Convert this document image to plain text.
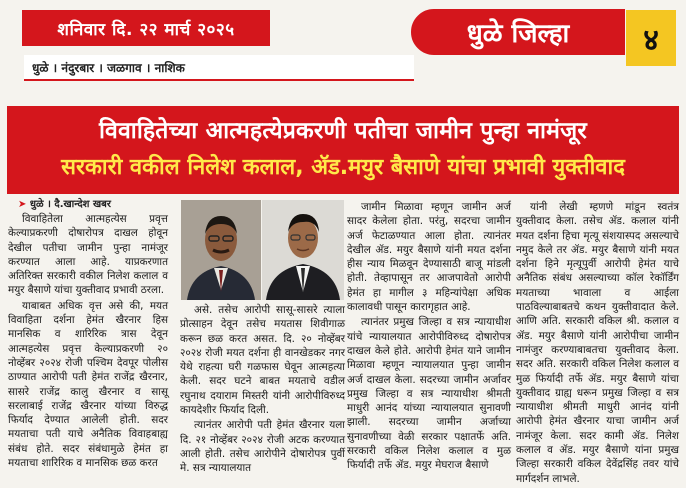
शनिवार दि. २२ मार्च २०२५
धुळे । नंदुरबार । जळगाव । नाशिक
धुळे जिल्हा	४
विवाहितेच्या आत्महत्येप्रकरणी पतीचा जामीन पुन्हा नामंजूर
सरकारी वकील निलेश कलाल, ॲड.मयुर बैसाणे यांचा प्रभावी युक्तीवाद
➤ धुळे । दै.खान्देश खबर

विवाहितेला आत्महत्येस प्रवृत्त केल्याप्रकरणी दोषारोपत्र दाखल होवून देखील पतीचा जामीन पुन्हा नामंजूर करण्यात आला आहे. याप्रकरणात अतिरिक्त सरकारी वकील निलेश कलाल व मयुर बैसाणे यांचा युक्तीवाद प्रभावी ठरला.

याबाबत अधिक वृत्त असे की, मयत विवाहिता दर्शना हेमंत खैरनार हिस मानसिक व शारिरिक त्रास देवून आत्महत्येस प्रवृत्त केल्याप्रकरणी २० नोव्हेंबर २०२४ रोजी पश्चिम देवपूर पोलीस ठाण्यात आरोपी पती हेमंत राजेंद्र खैरनार, सासरे राजेंद्र कालु खैरनार व सासू सरलाबाई राजेंद्र खैरनार यांच्या विरुद्ध फिर्याद देण्यात आलेली होती. सदर मयताचा पती याचे अनैतिक विवाहबाह्य संबंध होते. सदर संबंधामुळे हेमंत हा मयताचा शारिरिक व मानसिक छळ करत

असे. तसेच आरोपी सासू-सासरे त्याला प्रोत्साहन देवून तसेच मयतास शिवीगाळ करून छळ करत असत. दि. २० नोव्हेंबर २०२४ रोजी मयत दर्शना ही वानखेडकर नगर येथे राहत्या घरी गळफास घेवून आत्महत्या केली. सदर घटने बाबत मयताचे वडील रघुनाथ दयाराम मिस्तरी यांनी आरोपीविरुध्द कायदेशीर फिर्याद दिली.

त्यानंतर आरोपी पती हेमंत खैरनार यला दि. २१ नोव्हेंबर २०२४ रोजी अटक करण्यात आली होती. तसेच आरोपीने दोषारोपत्र पुर्वी मे. सत्र न्यायालयात

जामीन मिळावा म्हणून जामीन अर्ज सादर केलेला होता. परंतु, सदरचा जामीन अर्ज फेटाळण्यात आला होता. त्यानंतर देखील ॲड. मयुर बैसाणे यांनी मयत दर्शना हीस न्याय मिळवून देण्यासाठी बाजू मांडली होती. तेव्हापासून तर आजपावेतो आरोपी हेमंत हा मागील ३ महिन्यांपेक्षा अधिक कालावधी पासून कारागृहात आहे.

त्यानंतर प्रमुख जिल्हा व सत्र न्यायाधीश यांचे न्यायालयात आरोपीविरुध्द दोषारोपत्र दाखल केले होते. आरोपी हेमंत याने जामीन मिळावा म्हणून न्यायालयात पुन्हा जामीन अर्ज दाखल केला. सदरच्या जामीन अर्जावर प्रमुख जिल्हा व सत्र न्यायाधीश श्रीमती माधुरी आनंद यांच्या न्यायालयात सुनावणी झाली. सदरच्या जामीन अर्जाच्या सुनावणीच्या वेळी सरकार पक्षातर्फे अति. सरकारी वकिल निलेश कलाल व मुळ फिर्यादी तर्फे ॲड. मयुर मेघराज बैसाणे

यांनी लेखी म्हणणे मांडून स्वतंत्र युक्तीवाद केला. तसेच ॲड. कलाल यांनी मयत दर्शना हिचा मृत्यू संशयास्पद असल्याचे नमुद केले तर ॲड. मयुर बैसाणे यांनी मयत दर्शना हिने मृत्यूपुर्वी आरोपी हेमंत याचे अनैतिक संबंध असल्याच्या कॉल रेकॉर्डिंग मयताच्या भावाला व आईला पाठविल्याबाबतचे कथन युक्तीवादात केले. आणि अति. सरकारी वकिल श्री. कलाल व ॲड. मयुर बैसाणे यांनी आरोपीचा जामीन नामंजुर करण्याबाबतचा युक्तीवाद केला. सदर अति. सरकारी वकिल निलेश कलाल व मुळ फिर्यादी तर्फे ॲड. मयुर बैसाणे यांचा युक्तीवाद ग्राह्य धरून प्रमुख जिल्हा व सत्र न्यायाधीश श्रीमती माधुरी आनंद यांनी आरोपी हेमंत खैरनार याचा जामीन अर्ज नामंजूर केला. सदर कामी ॲड. निलेश कलाल व ॲड. मयुर बैसाणे यांना प्रमुख जिल्हा सरकारी वकिल देवेंद्रसिंह तवर यांचे मार्गदर्शन लाभले.
